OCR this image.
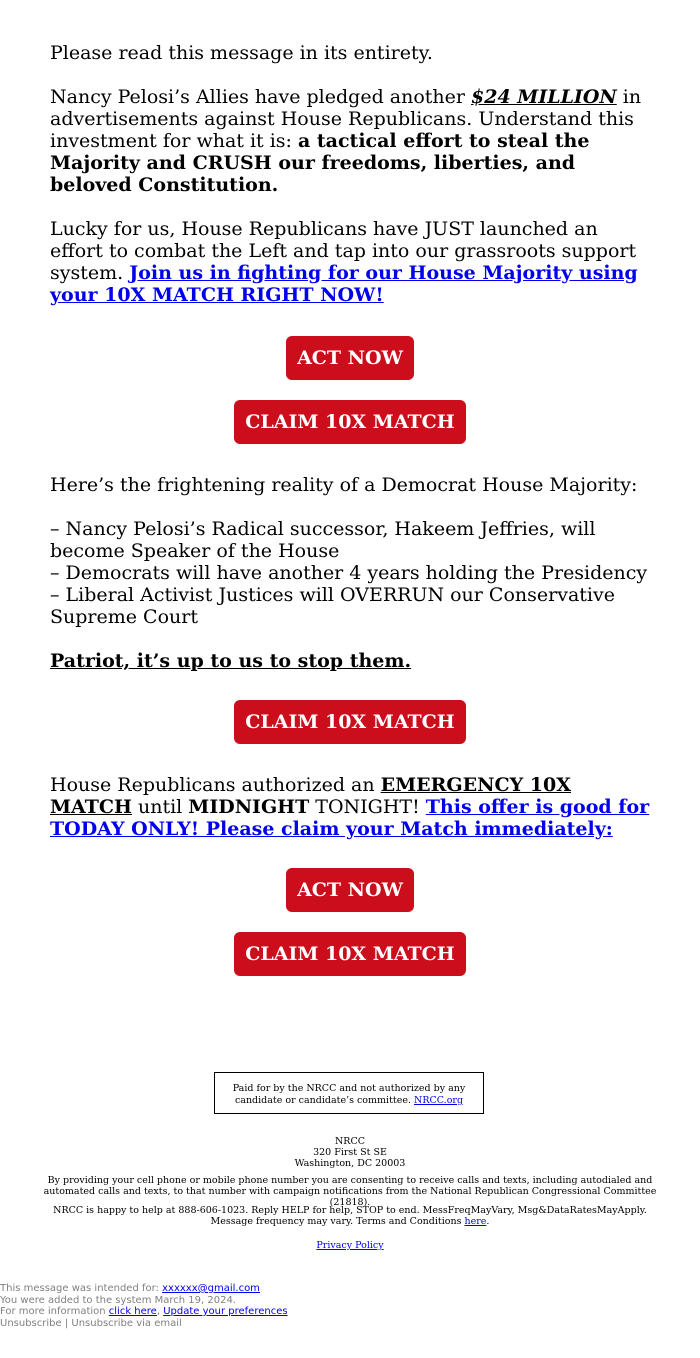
Please read this message in its entirety.

Nancy Pelosi’s Allies have pledged another $24 MILLION in advertisements against House Republicans. Understand this investment for what it is: a tactical effort to steal the Majority and CRUSH our freedoms, liberties, and beloved Constitution.

Lucky for us, House Republicans have JUST launched an effort to combat the Left and tap into our grassroots support system. Join us in fighting for our House Majority using your 10X MATCH RIGHT NOW!

ACT NOW
CLAIM 10X MATCH

Here’s the frightening reality of a Democrat House Majority:

– Nancy Pelosi’s Radical successor, Hakeem Jeffries, will become Speaker of the House
– Democrats will have another 4 years holding the Presidency
– Liberal Activist Justices will OVERRUN our Conservative Supreme Court

Patriot, it’s up to us to stop them.

CLAIM 10X MATCH

House Republicans authorized an EMERGENCY 10X MATCH until MIDNIGHT TONIGHT! This offer is good for TODAY ONLY! Please claim your Match immediately:

ACT NOW
CLAIM 10X MATCH
Paid for by the NRCC and not authorized by any candidate or candidate’s committee. NRCC.org
NRCC
320 First St SE
Washington, DC 20003
By providing your cell phone or mobile phone number you are consenting to receive calls and texts, including autodialed and automated calls and texts, to that number with campaign notifications from the National Republican Congressional Committee (21818).
NRCC is happy to help at 888-606-1023. Reply HELP for help, STOP to end. MessFreqMayVary, Msg&DataRatesMayApply. Message frequency may vary. Terms and Conditions here.
Privacy Policy
This message was intended for: xxxxxx@gmail.com
You were added to the system March 19, 2024.
For more information click here, Update your preferences
Unsubscribe | Unsubscribe via email
